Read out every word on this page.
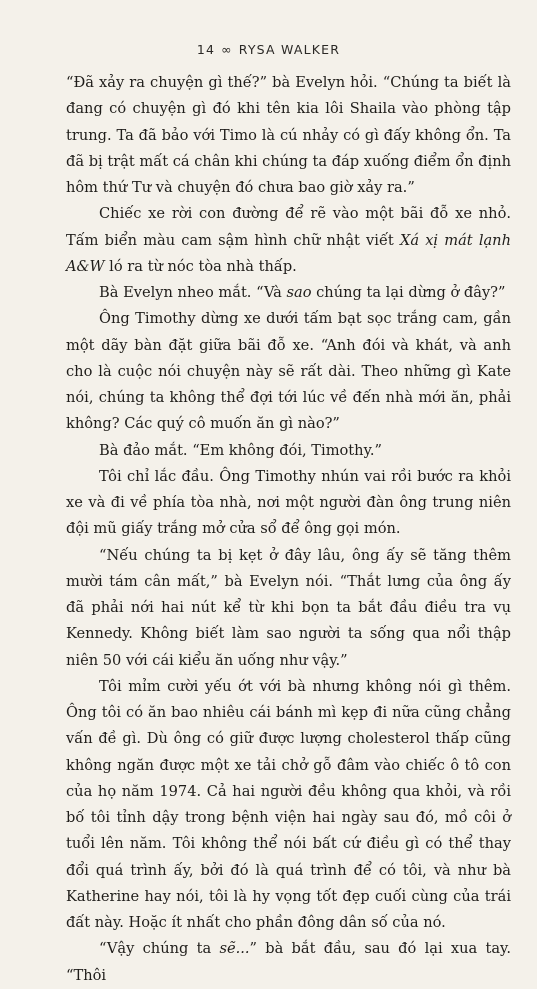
14 ∞ RYSA WALKER

“Đã xảy ra chuyện gì thế?” bà Evelyn hỏi. “Chúng ta biết là đang có chuyện gì đó khi tên kia lôi Shaila vào phòng tập trung. Ta đã bảo với Timo là cú nhảy có gì đấy không ổn. Ta đã bị trật mất cá chân khi chúng ta đáp xuống điểm ổn định hôm thứ Tư và chuyện đó chưa bao giờ xảy ra.”

Chiếc xe rời con đường để rẽ vào một bãi đỗ xe nhỏ. Tấm biển màu cam sậm hình chữ nhật viết Xá xị mát lạnh A&W ló ra từ nóc tòa nhà thấp.

Bà Evelyn nheo mắt. “Và sao chúng ta lại dừng ở đây?”

Ông Timothy dừng xe dưới tấm bạt sọc trắng cam, gần một dãy bàn đặt giữa bãi đỗ xe. “Anh đói và khát, và anh cho là cuộc nói chuyện này sẽ rất dài. Theo những gì Kate nói, chúng ta không thể đợi tới lúc về đến nhà mới ăn, phải không? Các quý cô muốn ăn gì nào?”

Bà đảo mắt. “Em không đói, Timothy.”

Tôi chỉ lắc đầu. Ông Timothy nhún vai rồi bước ra khỏi xe và đi về phía tòa nhà, nơi một người đàn ông trung niên đội mũ giấy trắng mở cửa sổ để ông gọi món.

“Nếu chúng ta bị kẹt ở đây lâu, ông ấy sẽ tăng thêm mười tám cân mất,” bà Evelyn nói. “Thắt lưng của ông ấy đã phải nới hai nút kể từ khi bọn ta bắt đầu điều tra vụ Kennedy. Không biết làm sao người ta sống qua nổi thập niên 50 với cái kiểu ăn uống như vậy.”

Tôi mỉm cười yếu ớt với bà nhưng không nói gì thêm. Ông tôi có ăn bao nhiêu cái bánh mì kẹp đi nữa cũng chẳng vấn đề gì. Dù ông có giữ được lượng cholesterol thấp cũng không ngăn được một xe tải chở gỗ đâm vào chiếc ô tô con của họ năm 1974. Cả hai người đều không qua khỏi, và rồi bố tôi tỉnh dậy trong bệnh viện hai ngày sau đó, mồ côi ở tuổi lên năm. Tôi không thể nói bất cứ điều gì có thể thay đổi quá trình ấy, bởi đó là quá trình để có tôi, và như bà Katherine hay nói, tôi là hy vọng tốt đẹp cuối cùng của trái đất này. Hoặc ít nhất cho phần đông dân số của nó.

“Vậy chúng ta sẽ...” bà bắt đầu, sau đó lại xua tay. “Thôi
